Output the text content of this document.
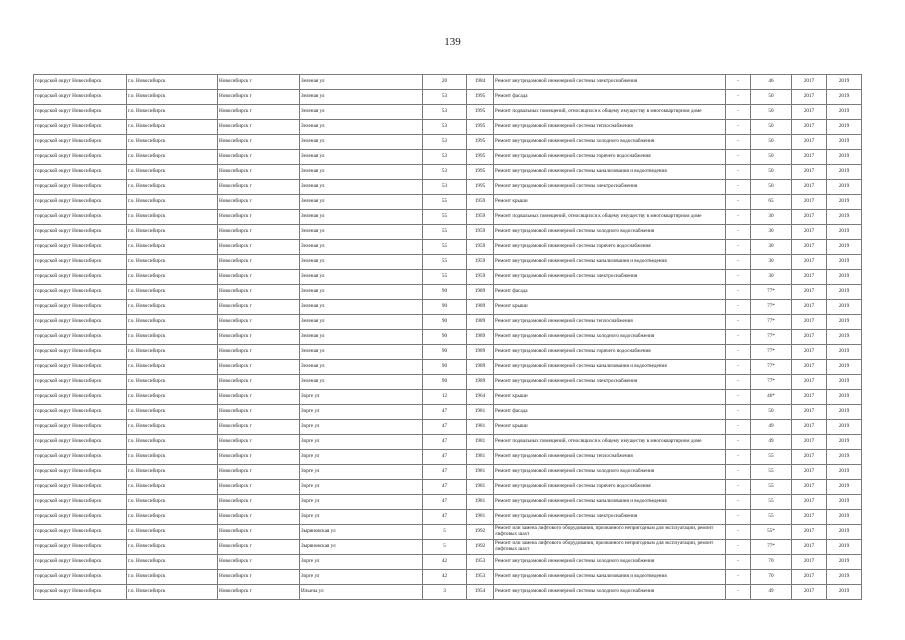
139
городской округ Новосибирск	г.о. Новосибирск	Новосибирск г	Зеленая ул	20	1984	Ремонт внутридомовой инженерной системы электроснабжения	-	46	2017	2019
городской округ Новосибирск	г.о. Новосибирск	Новосибирск г	Зеленая ул	53	1995	Ремонт фасада	-	50	2017	2019
городской округ Новосибирск	г.о. Новосибирск	Новосибирск г	Зеленая ул	53	1995	Ремонт подвальных помещений, относящихся к общему имуществу в многоквартирном доме	-	50	2017	2019
городской округ Новосибирск	г.о. Новосибирск	Новосибирск г	Зеленая ул	53	1995	Ремонт внутридомовой инженерной системы теплоснабжения	-	50	2017	2019
городской округ Новосибирск	г.о. Новосибирск	Новосибирск г	Зеленая ул	53	1995	Ремонт внутридомовой инженерной системы холодного водоснабжения	-	50	2017	2019
городской округ Новосибирск	г.о. Новосибирск	Новосибирск г	Зеленая ул	53	1995	Ремонт внутридомовой инженерной системы горячего водоснабжения	-	50	2017	2019
городской округ Новосибирск	г.о. Новосибирск	Новосибирск г	Зеленая ул	53	1995	Ремонт внутридомовой инженерной системы канализования и водоотведения	-	50	2017	2019
городской округ Новосибирск	г.о. Новосибирск	Новосибирск г	Зеленая ул	53	1995	Ремонт внутридомовой инженерной системы электроснабжения	-	50	2017	2019
городской округ Новосибирск	г.о. Новосибирск	Новосибирск г	Зеленая ул	55	1959	Ремонт крыши	-	65	2017	2019
городской округ Новосибирск	г.о. Новосибирск	Новосибирск г	Зеленая ул	55	1959	Ремонт подвальных помещений, относящихся к общему имуществу в многоквартирном доме	-	30	2017	2019
городской округ Новосибирск	г.о. Новосибирск	Новосибирск г	Зеленая ул	55	1959	Ремонт внутридомовой инженерной системы холодного водоснабжения	-	30	2017	2019
городской округ Новосибирск	г.о. Новосибирск	Новосибирск г	Зеленая ул	55	1959	Ремонт внутридомовой инженерной системы горячего водоснабжения	-	30	2017	2019
городской округ Новосибирск	г.о. Новосибирск	Новосибирск г	Зеленая ул	55	1959	Ремонт внутридомовой инженерной системы канализования и водоотведения	-	30	2017	2019
городской округ Новосибирск	г.о. Новосибирск	Новосибирск г	Зеленая ул	55	1959	Ремонт внутридомовой инженерной системы электроснабжения	-	30	2017	2019
городской округ Новосибирск	г.о. Новосибирск	Новосибирск г	Зеленая ул	90	1989	Ремонт фасада	-	77*	2017	2019
городской округ Новосибирск	г.о. Новосибирск	Новосибирск г	Зеленая ул	90	1989	Ремонт крыши	-	77*	2017	2019
городской округ Новосибирск	г.о. Новосибирск	Новосибирск г	Зеленая ул	90	1989	Ремонт внутридомовой инженерной системы теплоснабжения	-	77*	2017	2019
городской округ Новосибирск	г.о. Новосибирск	Новосибирск г	Зеленая ул	90	1989	Ремонт внутридомовой инженерной системы холодного водоснабжения	-	77*	2017	2019
городской округ Новосибирск	г.о. Новосибирск	Новосибирск г	Зеленая ул	90	1989	Ремонт внутридомовой инженерной системы горячего водоснабжения	-	77*	2017	2019
городской округ Новосибирск	г.о. Новосибирск	Новосибирск г	Зеленая ул	90	1989	Ремонт внутридомовой инженерной системы канализования и водоотведения	-	77*	2017	2019
городской округ Новосибирск	г.о. Новосибирск	Новосибирск г	Зеленая ул	90	1989	Ремонт внутридомовой инженерной системы электроснабжения	-	77*	2017	2019
городской округ Новосибирск	г.о. Новосибирск	Новосибирск г	Зорге ул	12	1964	Ремонт крыши	-	46*	2017	2019
городской округ Новосибирск	г.о. Новосибирск	Новосибирск г	Зорге ул	47	1981	Ремонт фасада	-	50	2017	2019
городской округ Новосибирск	г.о. Новосибирск	Новосибирск г	Зорге ул	47	1981	Ремонт крыши	-	49	2017	2019
городской округ Новосибирск	г.о. Новосибирск	Новосибирск г	Зорге ул	47	1981	Ремонт подвальных помещений, относящихся к общему имуществу в многоквартирном доме	-	49	2017	2019
городской округ Новосибирск	г.о. Новосибирск	Новосибирск г	Зорге ул	47	1981	Ремонт внутридомовой инженерной системы теплоснабжения	-	55	2017	2019
городской округ Новосибирск	г.о. Новосибирск	Новосибирск г	Зорге ул	47	1981	Ремонт внутридомовой инженерной системы холодного водоснабжения	-	55	2017	2019
городской округ Новосибирск	г.о. Новосибирск	Новосибирск г	Зорге ул	47	1981	Ремонт внутридомовой инженерной системы горячего водоснабжения	-	55	2017	2019
городской округ Новосибирск	г.о. Новосибирск	Новосибирск г	Зорге ул	47	1981	Ремонт внутридомовой инженерной системы канализования и водоотведения	-	55	2017	2019
городской округ Новосибирск	г.о. Новосибирск	Новосибирск г	Зорге ул	47	1981	Ремонт внутридомовой инженерной системы электроснабжения	-	55	2017	2019
городской округ Новосибирск	г.о. Новосибирск	Новосибирск г	Зыряновская ул	5	1992	Ремонт или замена лифтового оборудования, признанного непригодным для эксплуатации, ремонт лифтовых шахт	-	55*	2017	2019
городской округ Новосибирск	г.о. Новосибирск	Новосибирск г	Зыряновская ул	5	1992	Ремонт или замена лифтового оборудования, признанного непригодным для эксплуатации, ремонт лифтовых шахт	-	77*	2017	2019
городской округ Новосибирск	г.о. Новосибирск	Новосибирск г	Зорге ул	42	1953	Ремонт внутридомовой инженерной системы холодного водоснабжения	-	70	2017	2019
городской округ Новосибирск	г.о. Новосибирск	Новосибирск г	Зорге ул	42	1953	Ремонт внутридомовой инженерной системы канализования и водоотведения	-	70	2017	2019
городской округ Новосибирск	г.о. Новосибирск	Новосибирск г	Ильича ул	3	1954	Ремонт внутридомовой инженерной системы холодного водоснабжения	-	49	2017	2019
